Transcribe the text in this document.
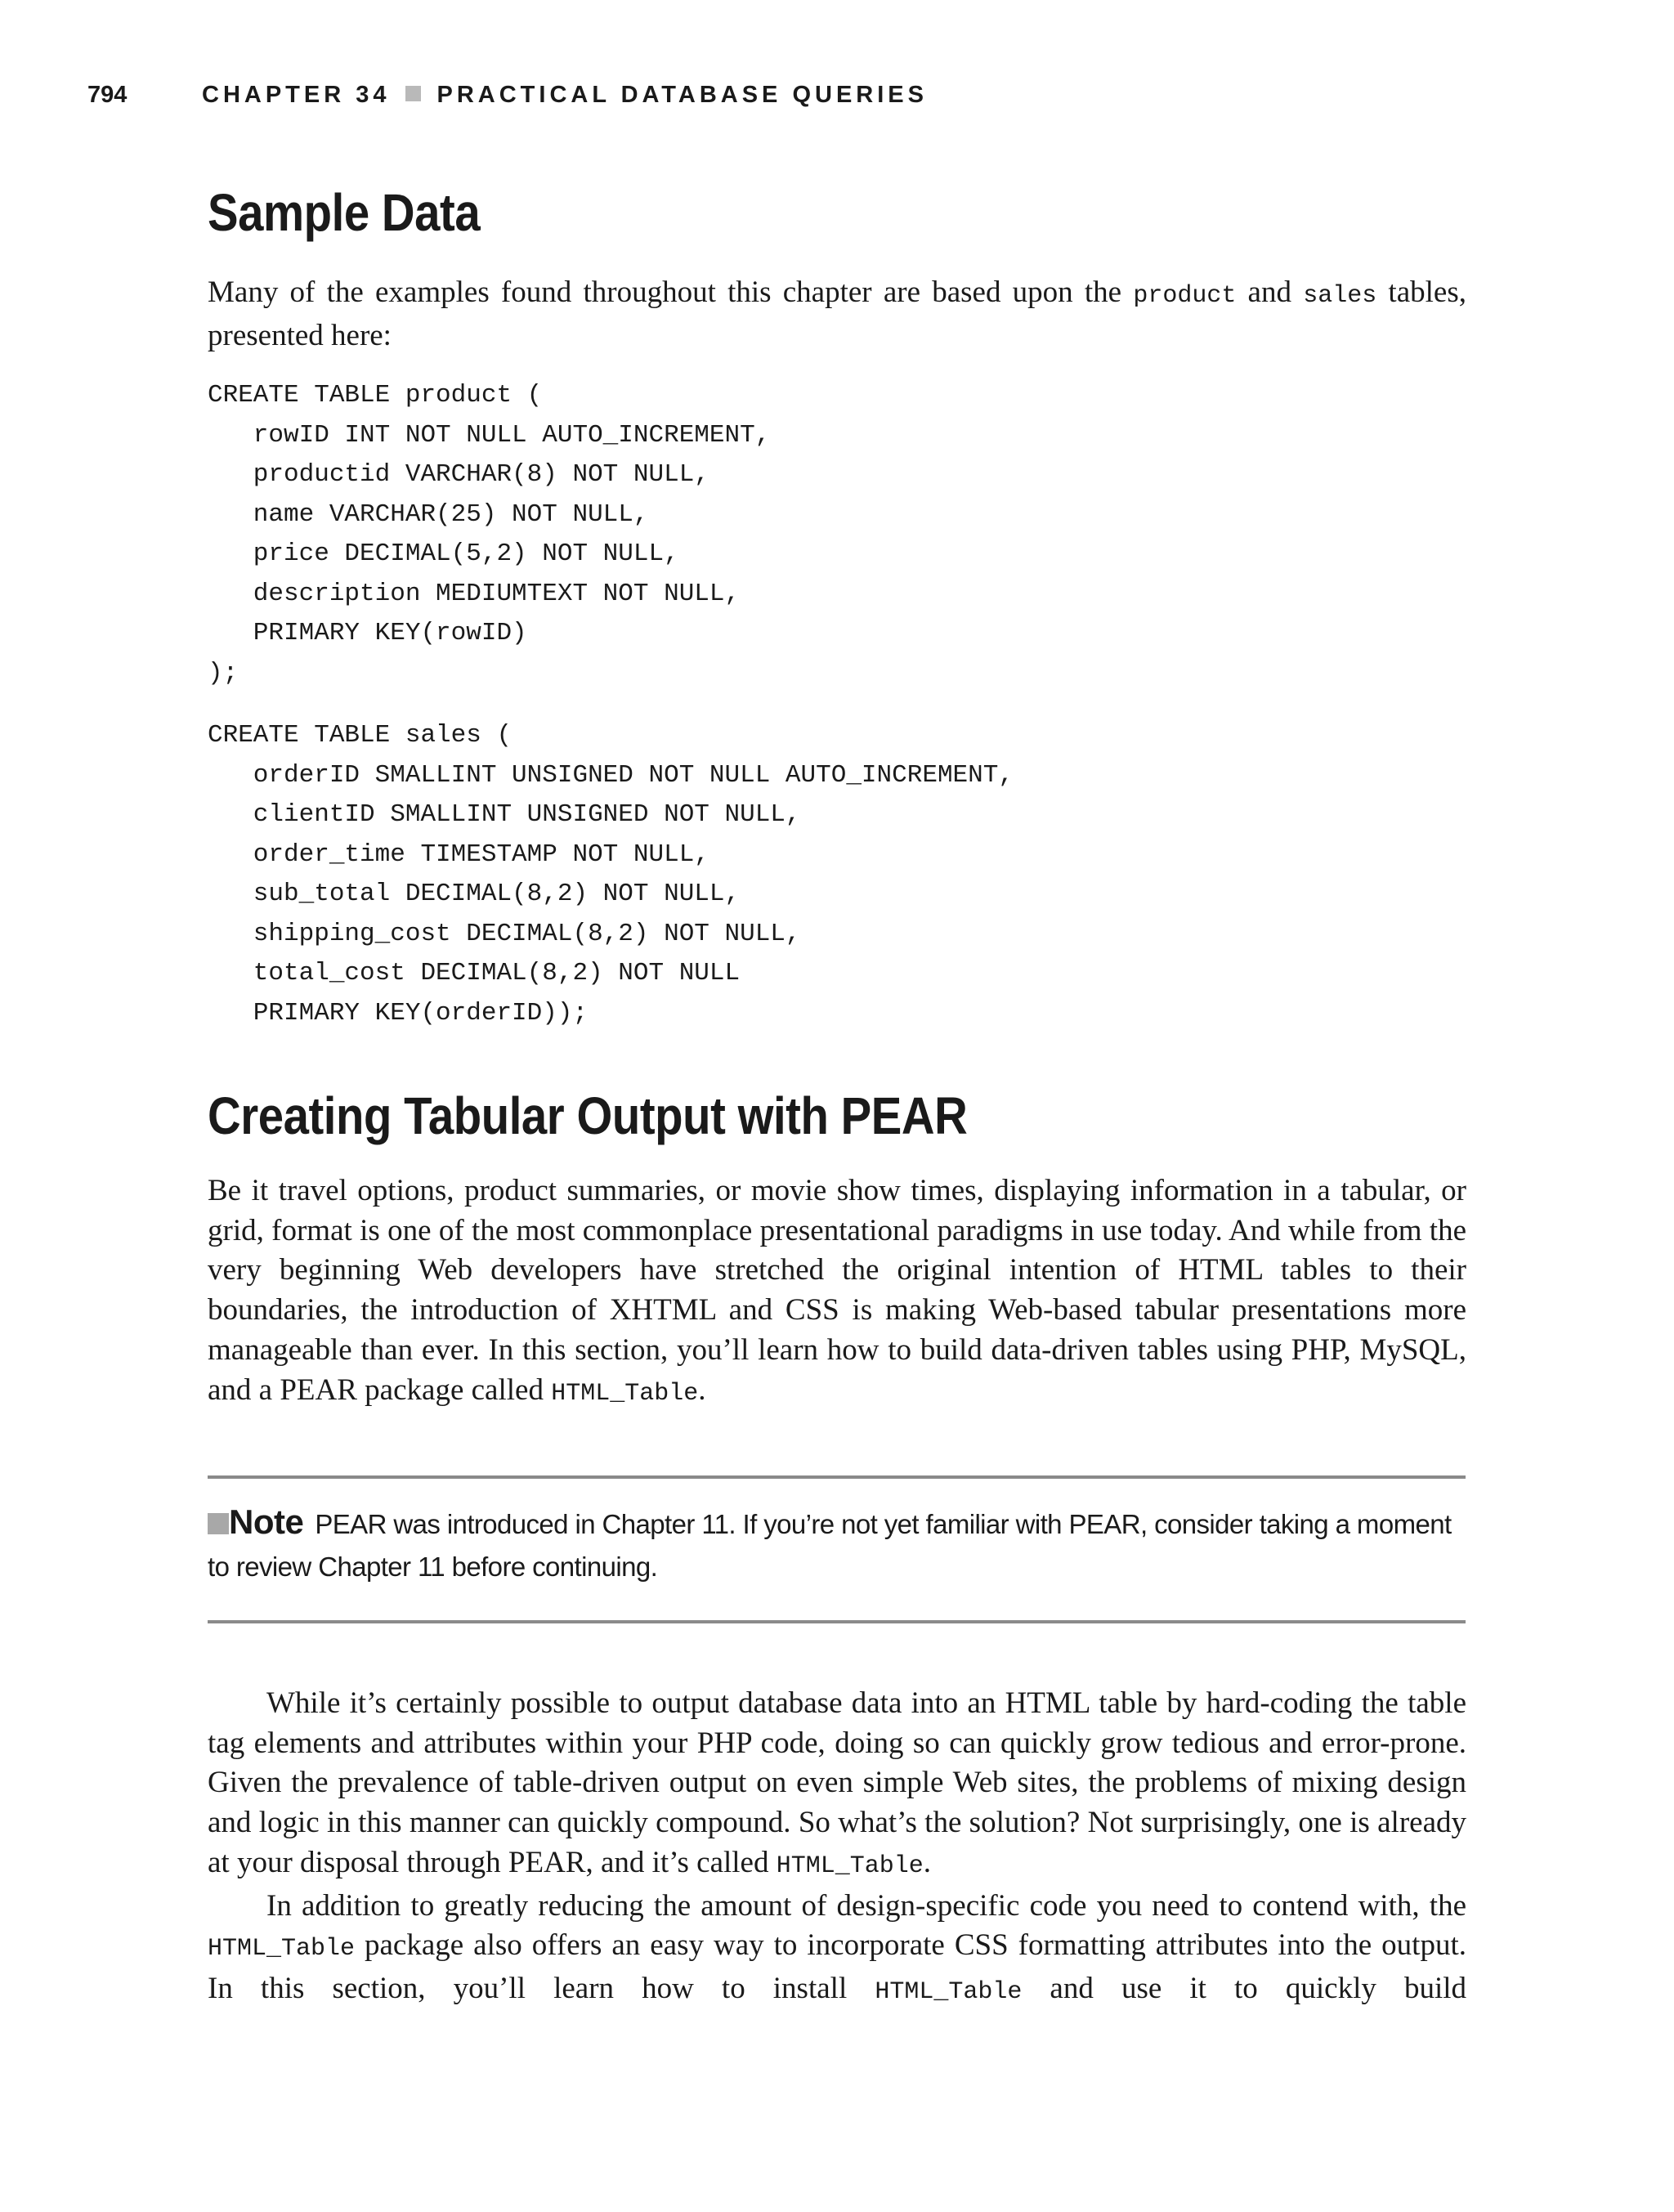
794	CHAPTER 34 PRACTICAL DATABASE QUERIES
Sample Data

Many of the examples found throughout this chapter are based upon the product and sales tables, presented here:

CREATE TABLE product (
rowID INT NOT NULL AUTO_INCREMENT,
productid VARCHAR(8) NOT NULL,
name VARCHAR(25) NOT NULL,
price DECIMAL(5,2) NOT NULL,
description MEDIUMTEXT NOT NULL,
PRIMARY KEY(rowID)
);
CREATE TABLE sales (
orderID SMALLINT UNSIGNED NOT NULL AUTO_INCREMENT,
clientID SMALLINT UNSIGNED NOT NULL,
order_time TIMESTAMP NOT NULL,
sub_total DECIMAL(8,2) NOT NULL,
shipping_cost DECIMAL(8,2) NOT NULL,
total_cost DECIMAL(8,2) NOT NULL
PRIMARY KEY(orderID));
Creating Tabular Output with PEAR

Be it travel options, product summaries, or movie show times, displaying information in a tabular, or grid, format is one of the most commonplace presentational paradigms in use today. And while from the very beginning Web developers have stretched the original intention of HTML tables to their boundaries, the introduction of XHTML and CSS is making Web-based tabular presentations more manageable than ever. In this section, you’ll learn how to build data-driven tables using PHP, MySQL, and a PEAR package called HTML_Table.

Note PEAR was introduced in Chapter 11. If you’re not yet familiar with PEAR, consider taking a moment to review Chapter 11 before continuing.

While it’s certainly possible to output database data into an HTML table by hard-coding the table tag elements and attributes within your PHP code, doing so can quickly grow tedious and error-prone. Given the prevalence of table-driven output on even simple Web sites, the problems of mixing design and logic in this manner can quickly compound. So what’s the solution? Not surprisingly, one is already at your disposal through PEAR, and it’s called HTML_Table.

In addition to greatly reducing the amount of design-specific code you need to contend with, the HTML_Table package also offers an easy way to incorporate CSS formatting attributes into the output. In this section, you’ll learn how to install HTML_Table and use it to quickly build
